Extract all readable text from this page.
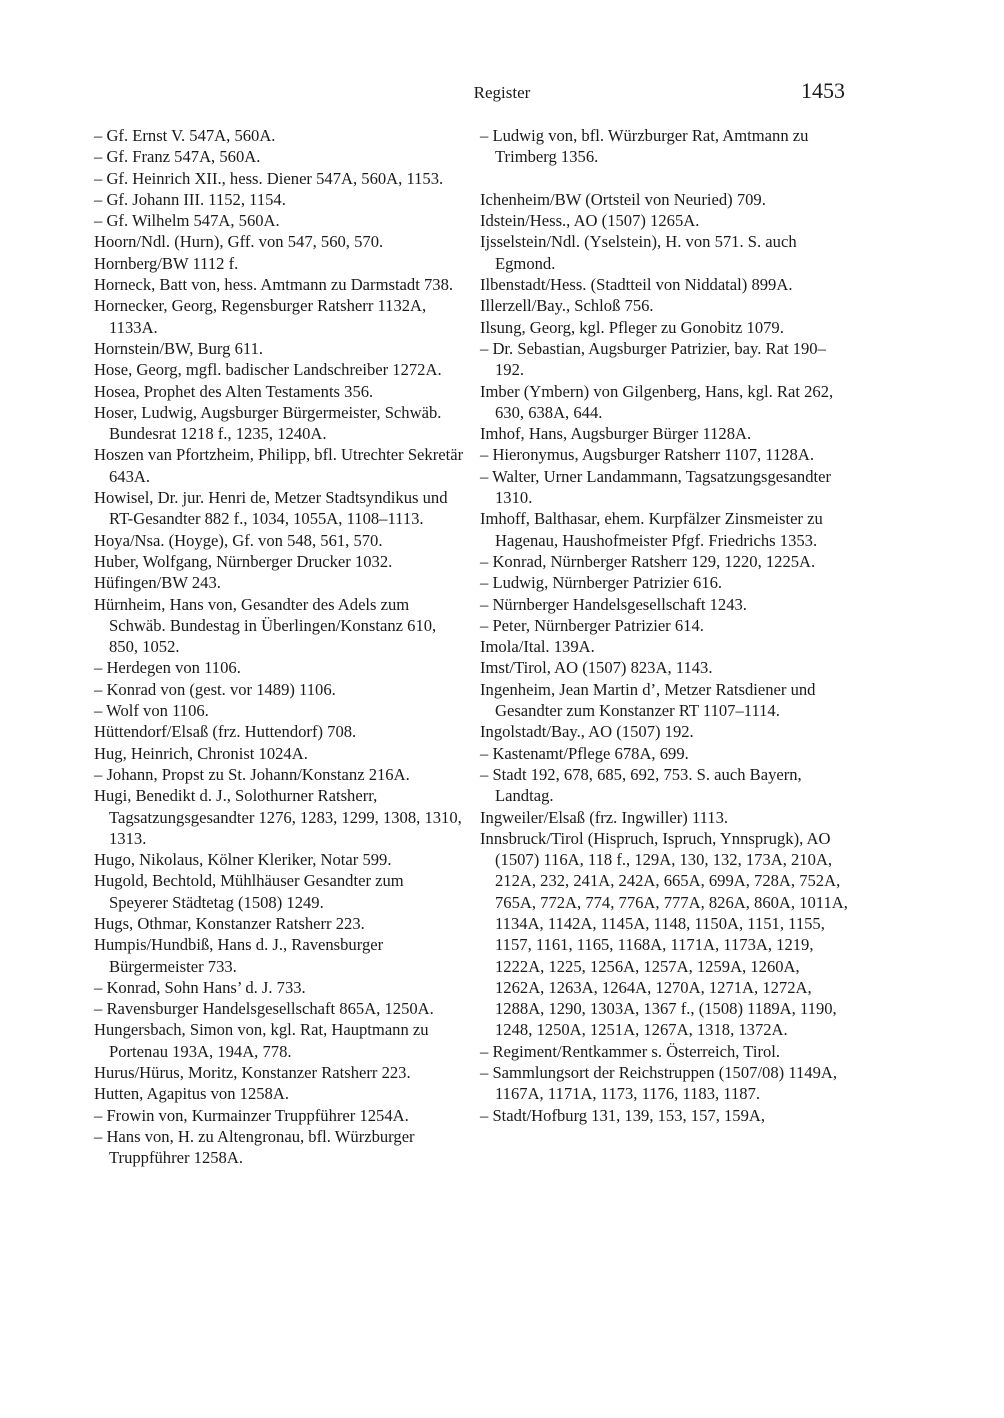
Register	1453
– Gf. Ernst V. 547A, 560A.
– Gf. Franz 547A, 560A.
– Gf. Heinrich XII., hess. Diener 547A, 560A, 1153.
– Gf. Johann III. 1152, 1154.
– Gf. Wilhelm 547A, 560A.
Hoorn/Ndl. (Hurn), Gff. von 547, 560, 570.
Hornberg/BW 1112 f.
Horneck, Batt von, hess. Amtmann zu Darmstadt 738.
Hornecker, Georg, Regensburger Ratsherr 1132A, 1133A.
Hornstein/BW, Burg 611.
Hose, Georg, mgfl. badischer Landschreiber 1272A.
Hosea, Prophet des Alten Testaments 356.
Hoser, Ludwig, Augsburger Bürgermeister, Schwäb. Bundesrat 1218 f., 1235, 1240A.
Hoszen van Pfortzheim, Philipp, bfl. Utrechter Sekretär 643A.
Howisel, Dr. jur. Henri de, Metzer Stadtsyndikus und RT-Gesandter 882 f., 1034, 1055A, 1108–1113.
Hoya/Nsa. (Hoyge), Gf. von 548, 561, 570.
Huber, Wolfgang, Nürnberger Drucker 1032.
Hüfingen/BW 243.
Hürnheim, Hans von, Gesandter des Adels zum Schwäb. Bundestag in Überlingen/Konstanz 610, 850, 1052.
– Herdegen von 1106.
– Konrad von (gest. vor 1489) 1106.
– Wolf von 1106.
Hüttendorf/Elsaß (frz. Huttendorf) 708.
Hug, Heinrich, Chronist 1024A.
– Johann, Propst zu St. Johann/Konstanz 216A.
Hugi, Benedikt d. J., Solothurner Ratsherr, Tagsatzungsgesandter 1276, 1283, 1299, 1308, 1310, 1313.
Hugo, Nikolaus, Kölner Kleriker, Notar 599.
Hugold, Bechtold, Mühlhäuser Gesandter zum Speyerer Städtetag (1508) 1249.
Hugs, Othmar, Konstanzer Ratsherr 223.
Humpis/Hundbiß, Hans d. J., Ravensburger Bürgermeister 733.
– Konrad, Sohn Hans’ d. J. 733.
– Ravensburger Handelsgesellschaft 865A, 1250A.
Hungersbach, Simon von, kgl. Rat, Hauptmann zu Portenau 193A, 194A, 778.
Hurus/Hürus, Moritz, Konstanzer Ratsherr 223.
Hutten, Agapitus von 1258A.
– Frowin von, Kurmainzer Truppführer 1254A.
– Hans von, H. zu Altengronau, bfl. Würzburger Truppführer 1258A.
– Ludwig von, bfl. Würzburger Rat, Amtmann zu Trimberg 1356.
Ichenheim/BW (Ortsteil von Neuried) 709.
Idstein/Hess., AO (1507) 1265A.
Ijsselstein/Ndl. (Yselstein), H. von 571. S. auch Egmond.
Ilbenstadt/Hess. (Stadtteil von Niddatal) 899A.
Illerzell/Bay., Schloß 756.
Ilsung, Georg, kgl. Pfleger zu Gonobitz 1079.
– Dr. Sebastian, Augsburger Patrizier, bay. Rat 190–192.
Imber (Ymbern) von Gilgenberg, Hans, kgl. Rat 262, 630, 638A, 644.
Imhof, Hans, Augsburger Bürger 1128A.
– Hieronymus, Augsburger Ratsherr 1107, 1128A.
– Walter, Urner Landammann, Tagsatzungsgesandter 1310.
Imhoff, Balthasar, ehem. Kurpfälzer Zinsmeister zu Hagenau, Haushofmeister Pfgf. Friedrichs 1353.
– Konrad, Nürnberger Ratsherr 129, 1220, 1225A.
– Ludwig, Nürnberger Patrizier 616.
– Nürnberger Handelsgesellschaft 1243.
– Peter, Nürnberger Patrizier 614.
Imola/Ital. 139A.
Imst/Tirol, AO (1507) 823A, 1143.
Ingenheim, Jean Martin d’, Metzer Ratsdiener und Gesandter zum Konstanzer RT 1107–1114.
Ingolstadt/Bay., AO (1507) 192.
– Kastenamt/Pflege 678A, 699.
– Stadt 192, 678, 685, 692, 753. S. auch Bayern, Landtag.
Ingweiler/Elsaß (frz. Ingwiller) 1113.
Innsbruck/Tirol (Hispruch, Ispruch, Ynnsprugk), AO (1507) 116A, 118 f., 129A, 130, 132, 173A, 210A, 212A, 232, 241A, 242A, 665A, 699A, 728A, 752A, 765A, 772A, 774, 776A, 777A, 826A, 860A, 1011A, 1134A, 1142A, 1145A, 1148, 1150A, 1151, 1155, 1157, 1161, 1165, 1168A, 1171A, 1173A, 1219, 1222A, 1225, 1256A, 1257A, 1259A, 1260A, 1262A, 1263A, 1264A, 1270A, 1271A, 1272A, 1288A, 1290, 1303A, 1367 f., (1508) 1189A, 1190, 1248, 1250A, 1251A, 1267A, 1318, 1372A.
– Regiment/Rentkammer s. Österreich, Tirol.
– Sammlungsort der Reichstruppen (1507/08) 1149A, 1167A, 1171A, 1173, 1176, 1183, 1187.
– Stadt/Hofburg 131, 139, 153, 157, 159A,
